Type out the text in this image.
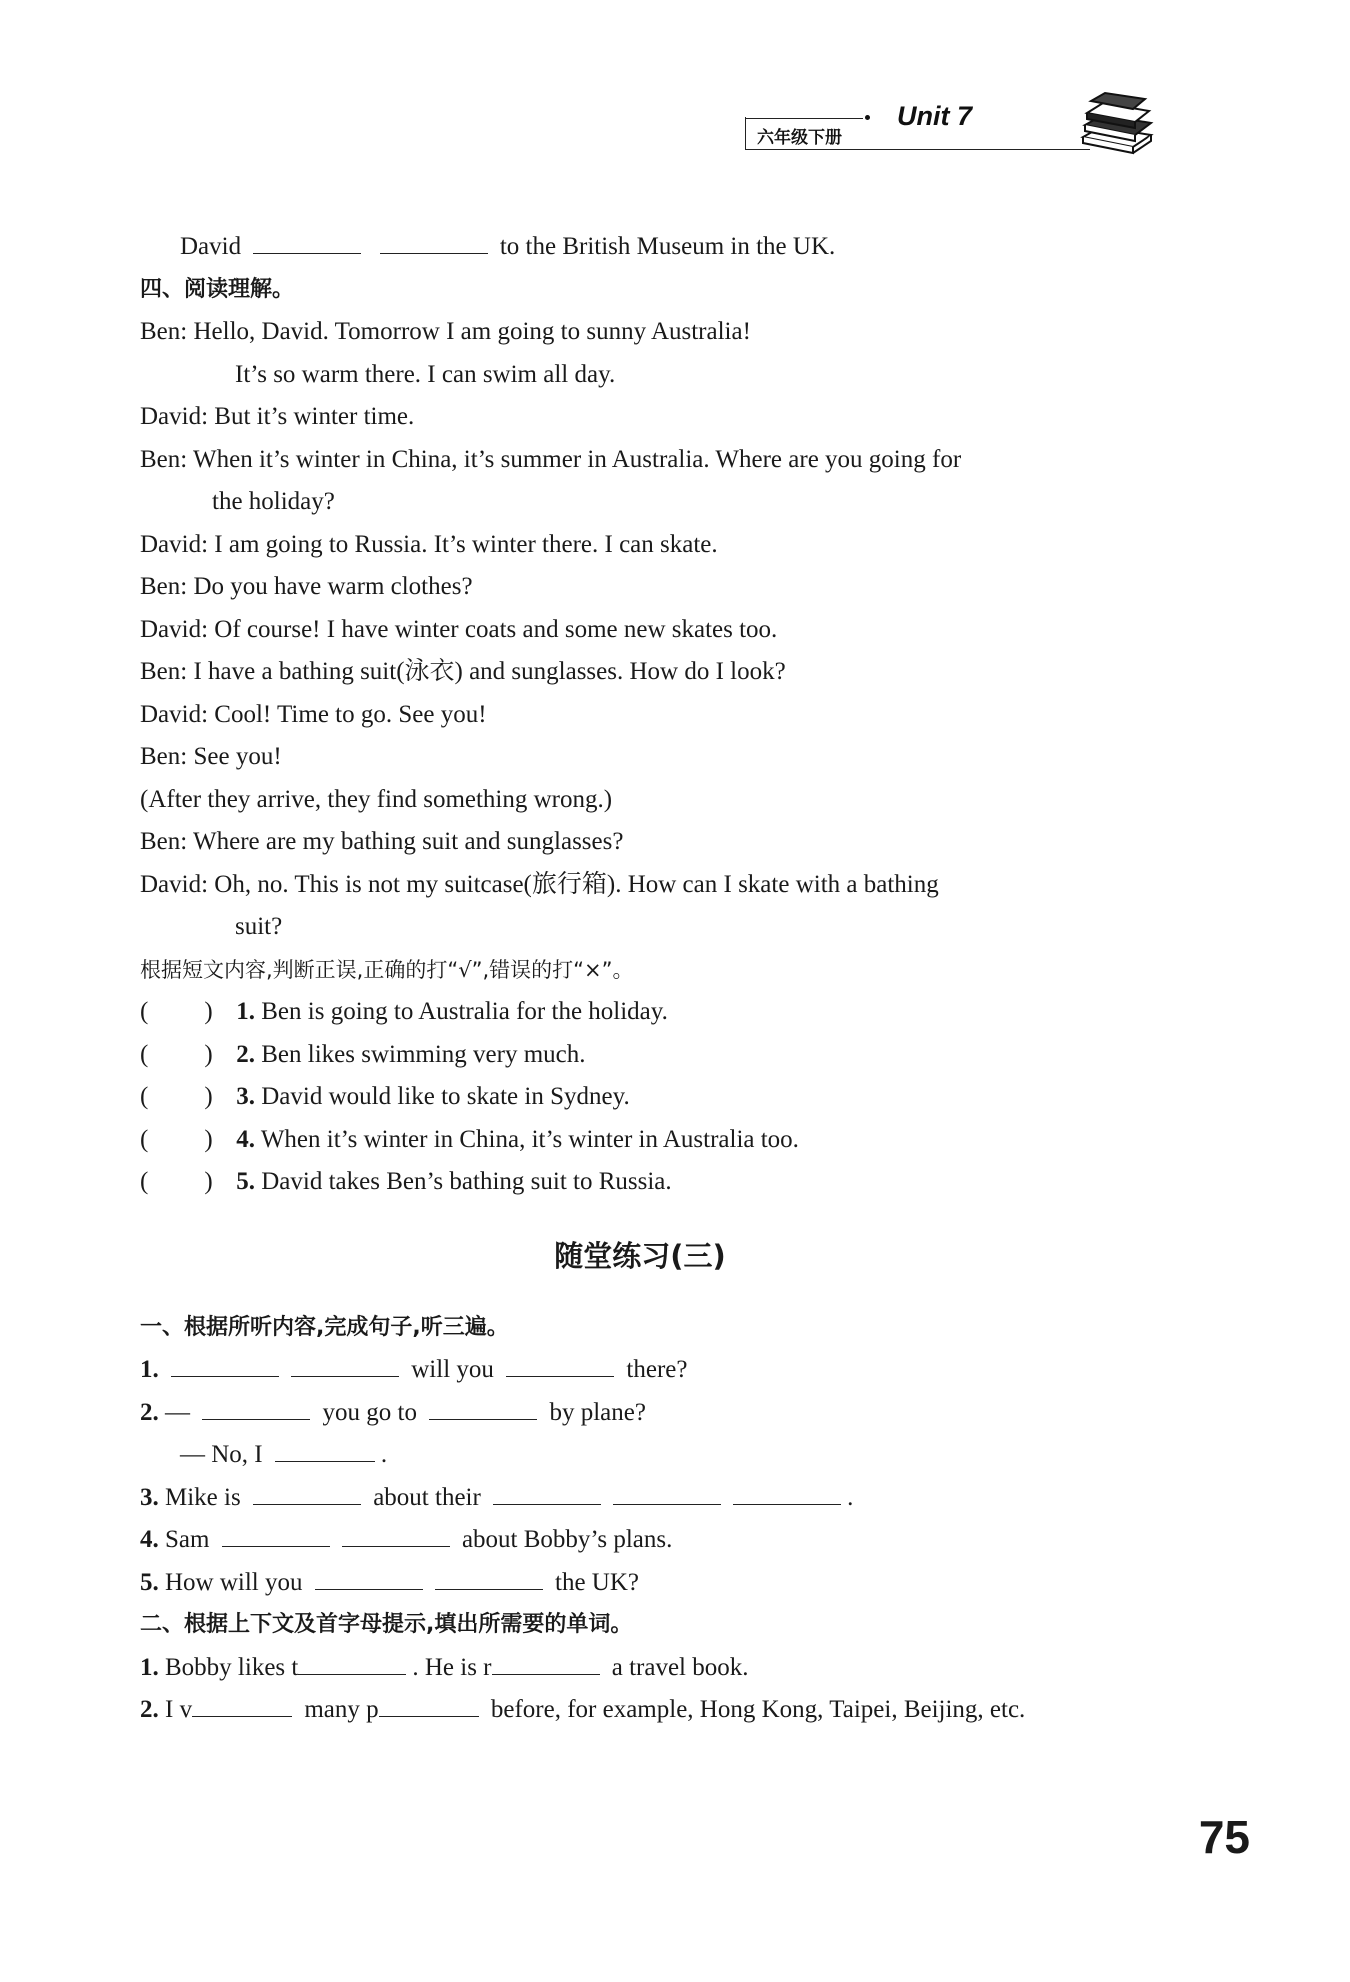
六年级下册
Unit 7
David	to the British Museum in the UK.
四、阅读理解。
Ben: Hello, David. Tomorrow I am going to sunny Australia!
It’s so warm there. I can swim all day.
David: But it’s winter time.
Ben: When it’s winter in China, it’s summer in Australia. Where are you going for
the holiday?
David: I am going to Russia. It’s winter there. I can skate.
Ben: Do you have warm clothes?
David: Of course! I have winter coats and some new skates too.
Ben: I have a bathing suit(泳衣) and sunglasses. How do I look?
David: Cool! Time to go. See you!
Ben: See you!
(After they arrive, they find something wrong.)
Ben: Where are my bathing suit and sunglasses?
David: Oh, no. This is not my suitcase(旅行箱). How can I skate with a bathing
suit?
根据短文内容,判断正误,正确的打“√”,错误的打“×”。
( ) 1. Ben is going to Australia for the holiday.
( ) 2. Ben likes swimming very much.
( ) 3. David would like to skate in Sydney.
( ) 4. When it’s winter in China, it’s winter in Australia too.
( ) 5. David takes Ben’s bathing suit to Russia.
随堂练习(三)
一、根据所听内容,完成句子,听三遍。
1.	will you	there?
2. —	you go to	by plane?
— No, I	.
3. Mike is	about their	.
4. Sam	about Bobby’s plans.
5. How will you	the UK?
二、根据上下文及首字母提示,填出所需要的单词。
1. Bobby likes t	. He is r	a travel book.
2. I v	many p	before, for example, Hong Kong, Taipei, Beijing, etc.
75
